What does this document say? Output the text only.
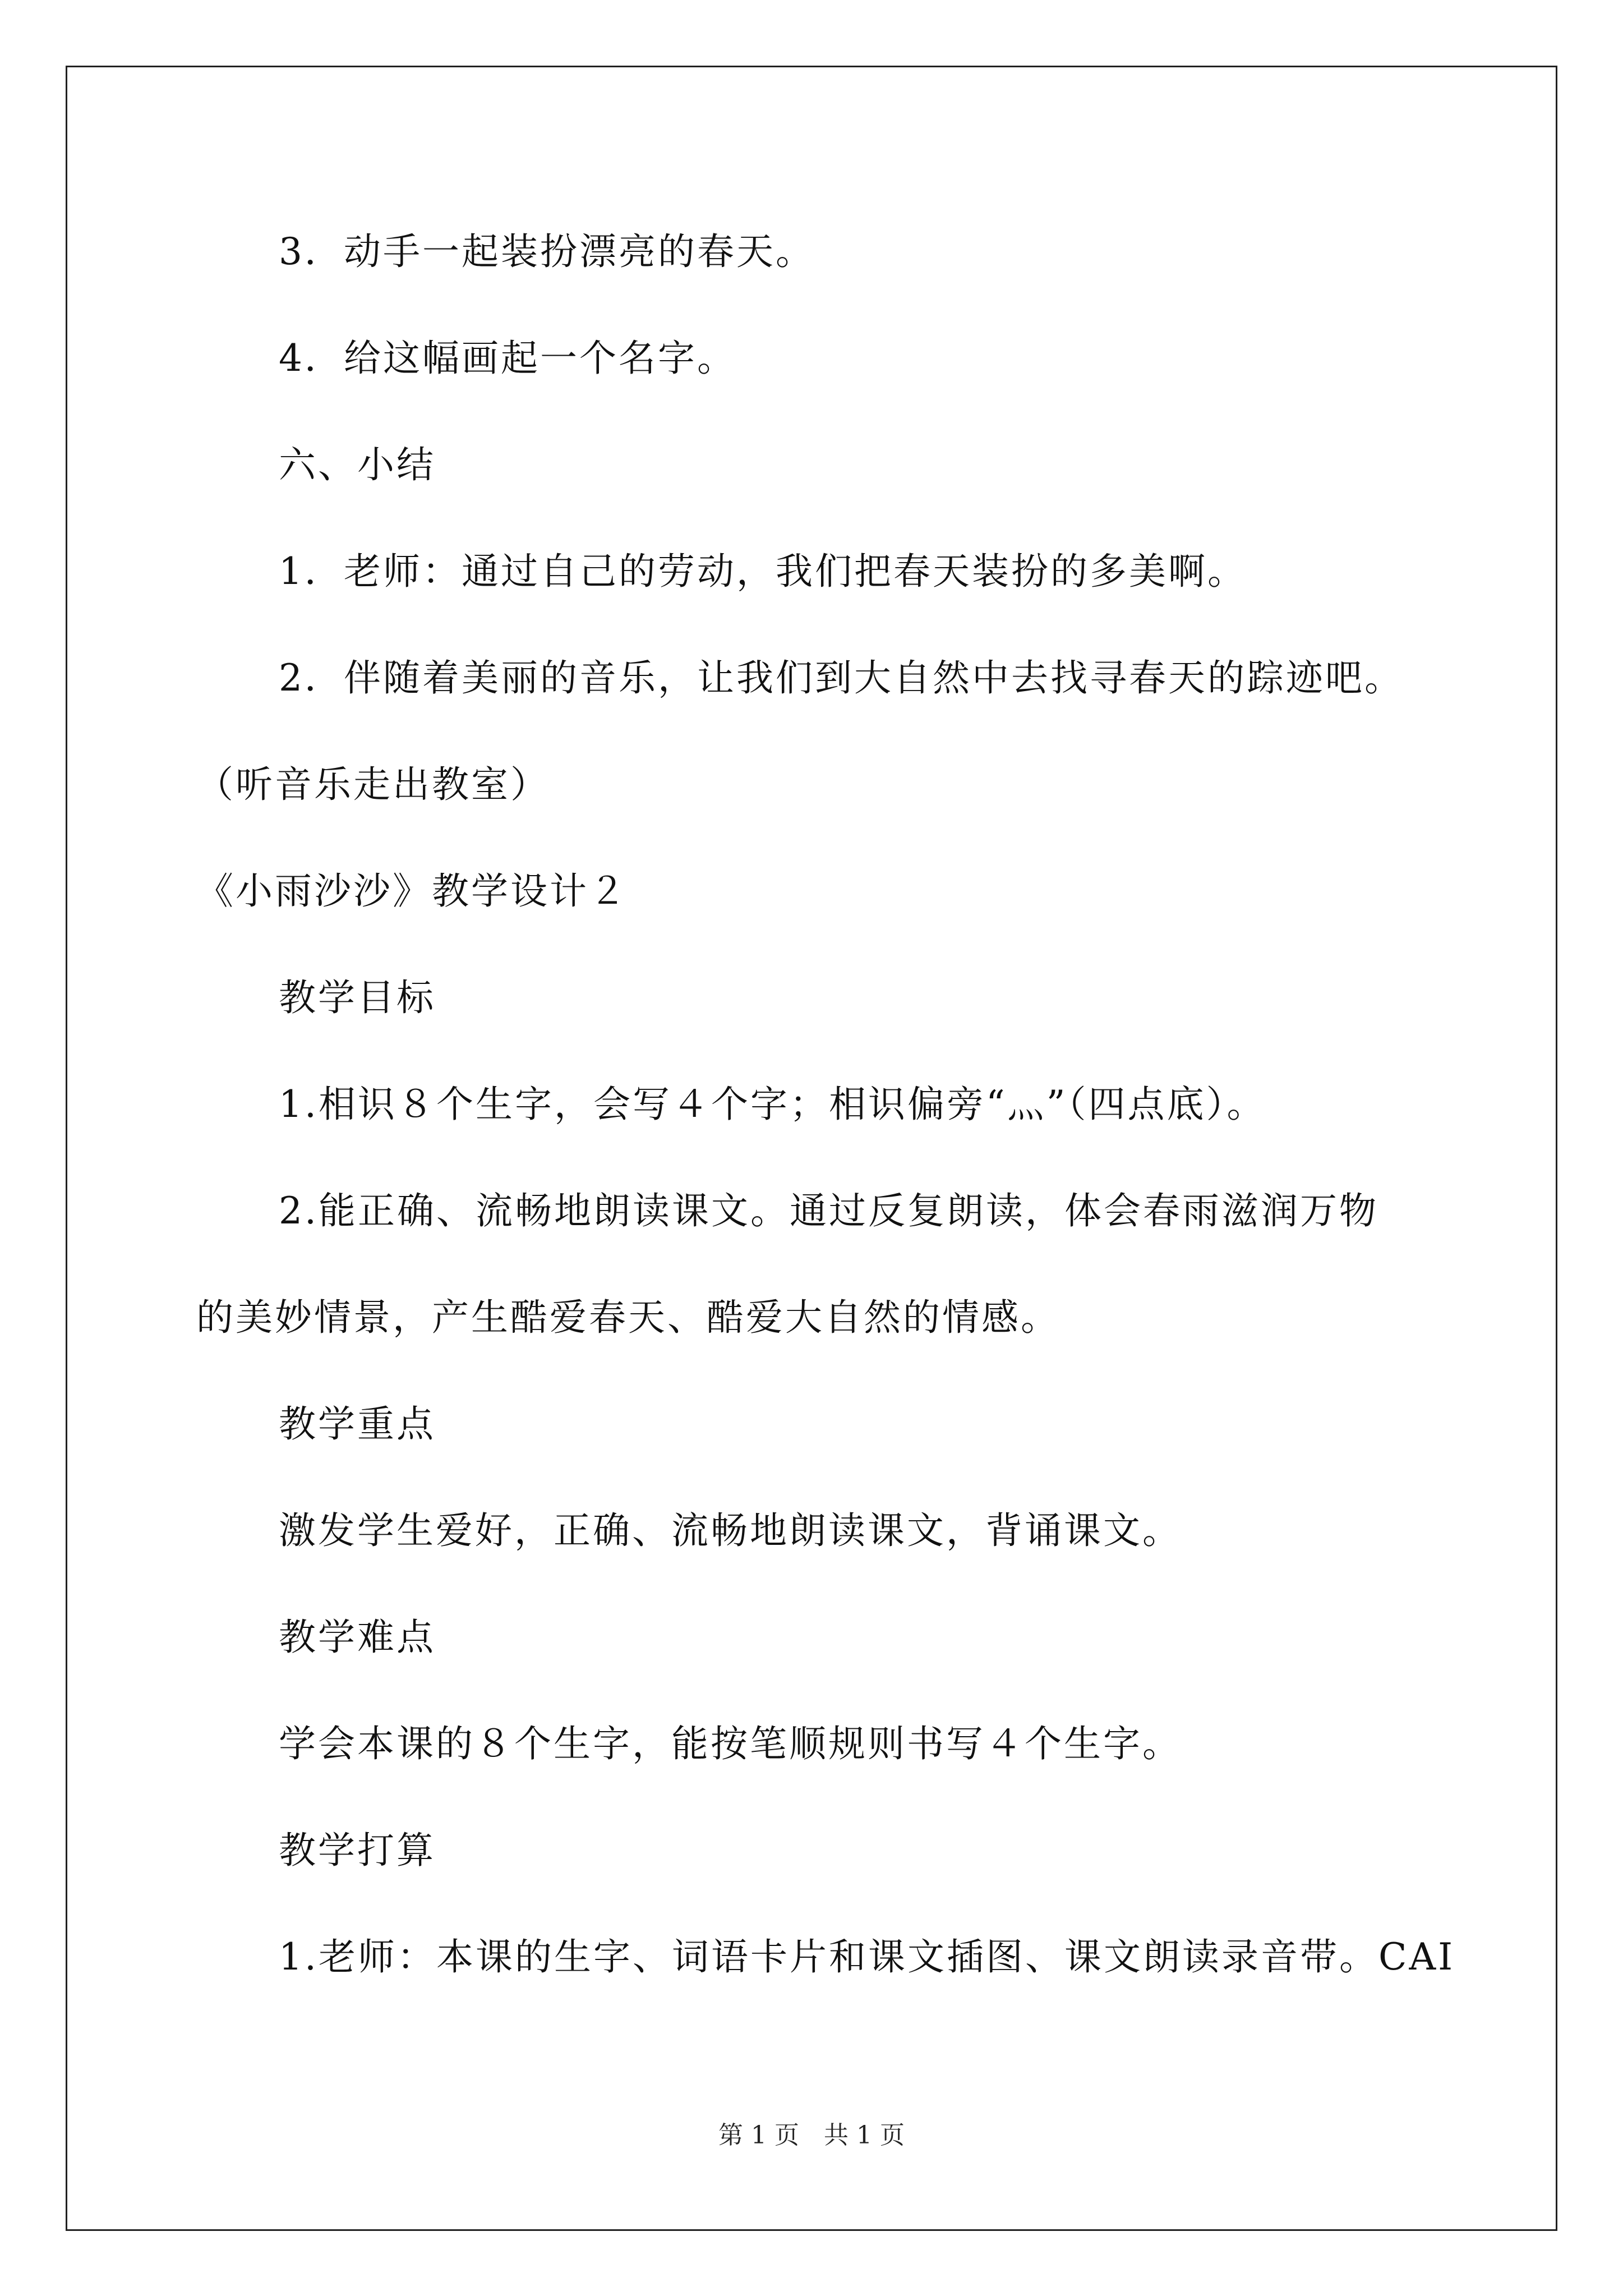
3．动手一起装扮漂亮的春天。
4．给这幅画起一个名字。
六、小结
1．老师：通过自己的劳动，我们把春天装扮的多美啊。
2．伴随着美丽的音乐，让我们到大自然中去找寻春天的踪迹吧。
（听音乐走出教室）
《小雨沙沙》教学设计２
教学目标
1.相识８个生字，会写４个字；相识偏旁“灬”（四点底）。
2.能正确、流畅地朗读课文。通过反复朗读，体会春雨滋润万物
的美妙情景，产生酷爱春天、酷爱大自然的情感。
教学重点
激发学生爱好，正确、流畅地朗读课文，背诵课文。
教学难点
学会本课的８个生字，能按笔顺规则书写４个生字。
教学打算
1.老师：本课的生字、词语卡片和课文插图、课文朗读录音带。CAI
第 1 页　共 1 页
